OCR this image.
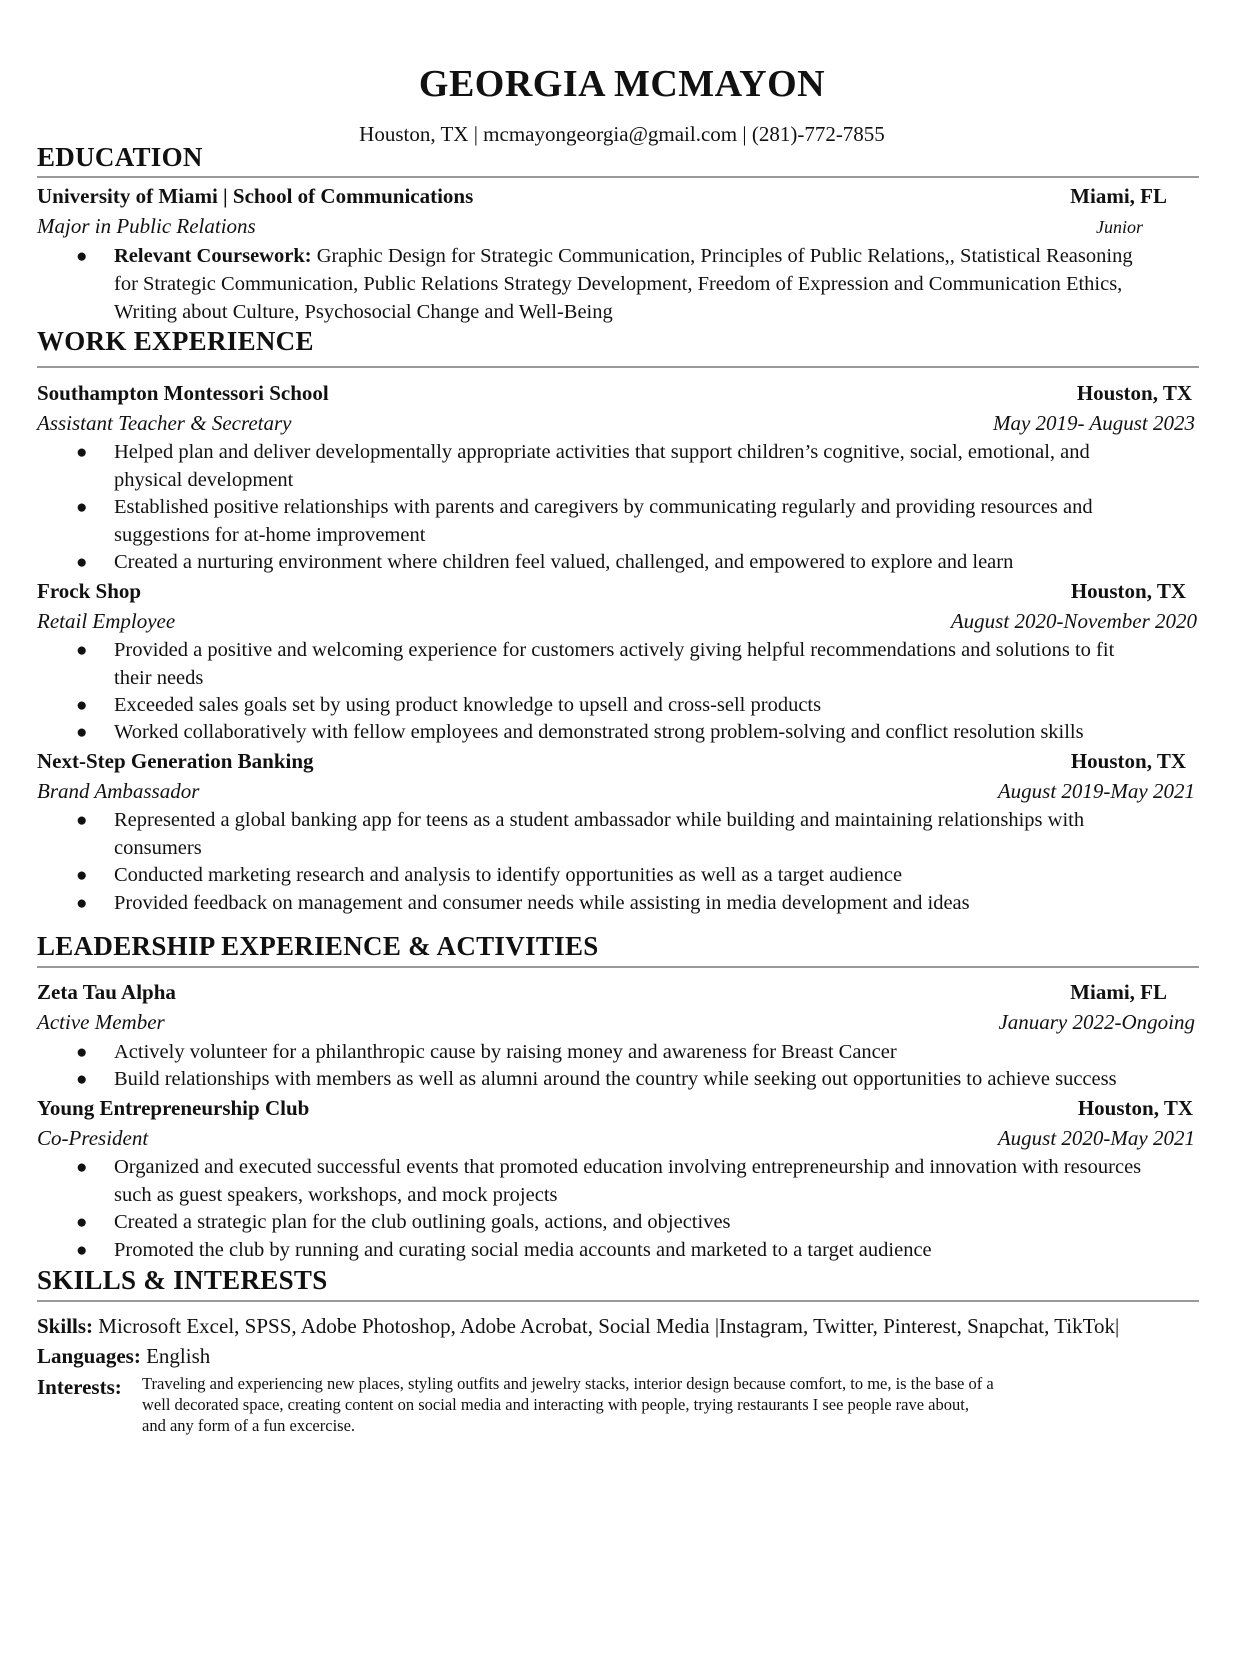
GEORGIA MCMAYON
Houston, TX | mcmayongeorgia@gmail.com | (281)-772-7855
EDUCATION
University of Miami | School of Communications	Miami, FL
Major in Public Relations	Junior
● Relevant Coursework: Graphic Design for Strategic Communication, Principles of Public Relations,, Statistical Reasoning
for Strategic Communication, Public Relations Strategy Development, Freedom of Expression and Communication Ethics,
Writing about Culture, Psychosocial Change and Well-Being
WORK EXPERIENCE
Southampton Montessori School	Houston, TX
Assistant Teacher & Secretary	May 2019- August 2023
● Helped plan and deliver developmentally appropriate activities that support children’s cognitive, social, emotional, and
physical development
● Established positive relationships with parents and caregivers by communicating regularly and providing resources and
suggestions for at-home improvement
● Created a nurturing environment where children feel valued, challenged, and empowered to explore and learn
Frock Shop	Houston, TX
Retail Employee	August 2020-November 2020
● Provided a positive and welcoming experience for customers actively giving helpful recommendations and solutions to fit
their needs
● Exceeded sales goals set by using product knowledge to upsell and cross-sell products
● Worked collaboratively with fellow employees and demonstrated strong problem-solving and conflict resolution skills
Next-Step Generation Banking	Houston, TX
Brand Ambassador	August 2019-May 2021
● Represented a global banking app for teens as a student ambassador while building and maintaining relationships with
consumers
● Conducted marketing research and analysis to identify opportunities as well as a target audience
● Provided feedback on management and consumer needs while assisting in media development and ideas
LEADERSHIP EXPERIENCE & ACTIVITIES
Zeta Tau Alpha	Miami, FL
Active Member	January 2022-Ongoing
● Actively volunteer for a philanthropic cause by raising money and awareness for Breast Cancer
● Build relationships with members as well as alumni around the country while seeking out opportunities to achieve success
Young Entrepreneurship Club	Houston, TX
Co-President	August 2020-May 2021
● Organized and executed successful events that promoted education involving entrepreneurship and innovation with resources
such as guest speakers, workshops, and mock projects
● Created a strategic plan for the club outlining goals, actions, and objectives
● Promoted the club by running and curating social media accounts and marketed to a target audience
SKILLS & INTERESTS
Skills: Microsoft Excel, SPSS, Adobe Photoshop, Adobe Acrobat, Social Media |Instagram, Twitter, Pinterest, Snapchat, TikTok|
Languages: English
Interests: Traveling and experiencing new places, styling outfits and jewelry stacks, interior design because comfort, to me, is the base of a
well decorated space, creating content on social media and interacting with people, trying restaurants I see people rave about,
and any form of a fun excercise.
